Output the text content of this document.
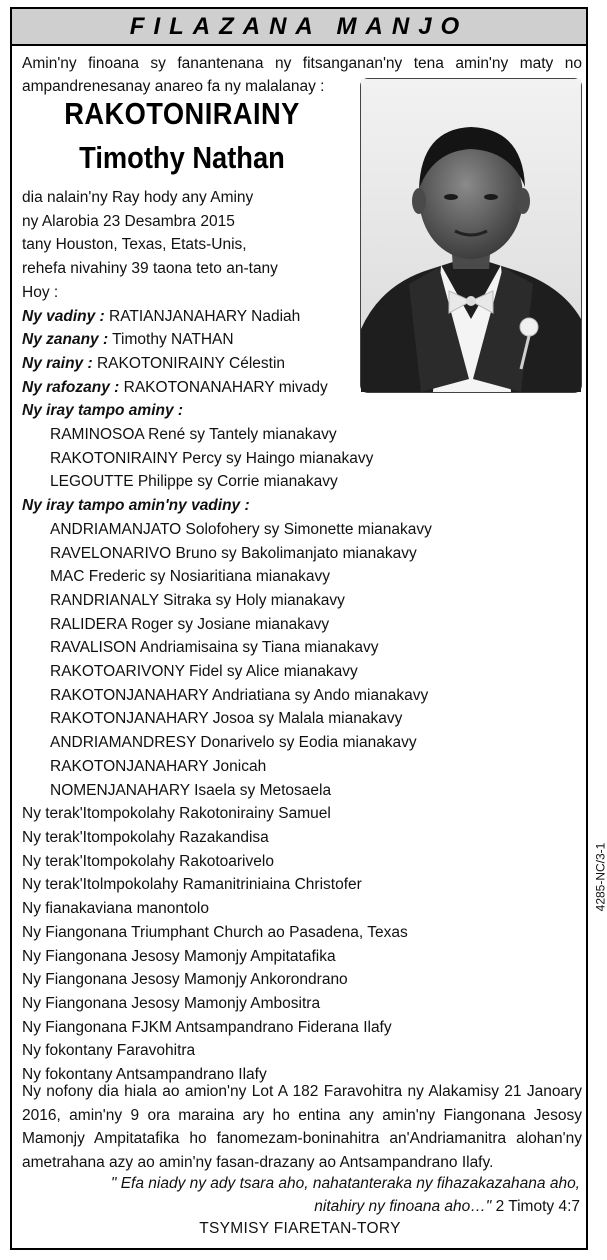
FILAZANA MANJO
Amin'ny finoana sy fanantenana ny fitsanganan'ny tena amin'ny maty no ampandrenesanay anareo fa ny malalanay :
RAKOTONIRAINY
Timothy Nathan
dia nalain'ny Ray hody any Aminy
ny Alarobia 23 Desambra 2015
tany Houston, Texas, Etats-Unis,
rehefa nivahiny 39 taona teto an-tany
Hoy :
Ny vadiny : RATIANJANAHARY Nadiah
Ny zanany : Timothy NATHAN
Ny rainy : RAKOTONIRAINY Célestin
Ny rafozany : RAKOTONANAHARY mivady
Ny iray tampo aminy :
RAMINOSOA René sy Tantely mianakavy
RAKOTONIRAINY Percy sy Haingo mianakavy
LEGOUTTE Philippe sy Corrie mianakavy
Ny iray tampo amin'ny vadiny :
ANDRIAMANJATO Solofohery sy Simonette mianakavy
RAVELONARIVO Bruno sy Bakolimanjato mianakavy
MAC Frederic sy Nosiaritiana mianakavy
RANDRIANALY Sitraka sy Holy mianakavy
RALIDERA Roger sy Josiane mianakavy
RAVALISON Andriamisaina sy Tiana mianakavy
RAKOTOARIVONY Fidel sy Alice mianakavy
RAKOTONJANAHARY Andriatiana sy Ando mianakavy
RAKOTONJANAHARY Josoa sy Malala mianakavy
ANDRIAMANDRESY Donarivelo sy Eodia mianakavy
RAKOTONJANAHARY Jonicah
NOMENJANAHARY Isaela sy Metosaela
Ny terak'Itompokolahy Rakotonirainy Samuel
Ny terak'Itompokolahy Razakandisa
Ny terak'Itompokolahy Rakotoarivelo
Ny terak'Itolmpokolahy Ramanitriniaina Christofer
Ny fianakaviana manontolo
Ny Fiangonana Triumphant Church ao Pasadena, Texas
Ny Fiangonana Jesosy Mamonjy Ampitatafika
Ny Fiangonana Jesosy Mamonjy Ankorondrano
Ny Fiangonana Jesosy Mamonjy Ambositra
Ny Fiangonana FJKM Antsampandrano Fiderana Ilafy
Ny fokontany Faravohitra
Ny fokontany Antsampandrano Ilafy
Ny nofony dia hiala ao amion'ny Lot A 182 Faravohitra ny Alakamisy 21 Janoary 2016, amin'ny 9 ora maraina ary ho entina any amin'ny Fiangonana Jesosy Mamonjy Ampitatafika ho fanomezam-boninahitra an'Andriamanitra alohan'ny ametrahana azy ao amin'ny fasan-drazany ao Antsampandrano Ilafy.
" Efa niady ny ady tsara aho, nahatanteraka ny fihazakazahana aho,
nitahiry ny finoana aho…" 2 Timoty 4:7
TSYMISY FIARETAN-TORY
4285-NC/3-1
